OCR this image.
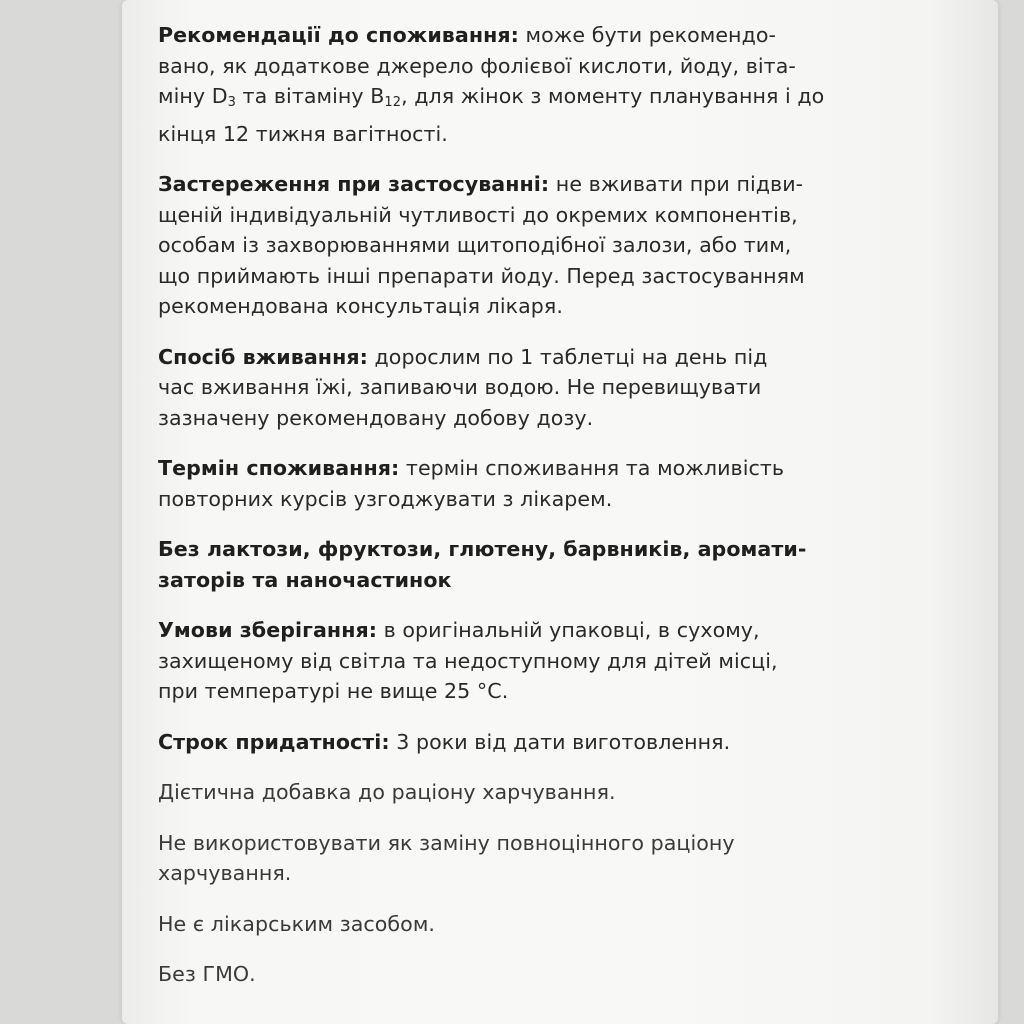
Рекомендації до споживання: може бути рекомендо-
вано, як додаткове джерело фолієвої кислоти, йоду, віта-
міну $D_3$ та вітаміну $B_{12}$, для жінок з моменту планування і до
кінця 12 тижня вагітності.

Застереження при застосуванні: не вживати при підви-
щеній індивідуальній чутливості до окремих компонентів,
особам із захворюваннями щитоподібної залози, або тим,
що приймають інші препарати йоду. Перед застосуванням
рекомендована консультація лікаря.

Спосіб вживання: дорослим по 1 таблетці на день під
час вживання їжі, запиваючи водою. Не перевищувати
зазначену рекомендовану добову дозу.

Термін споживання: термін споживання та можливість
повторних курсів узгоджувати з лікарем.

Без лактози, фруктози, глютену, барвників, аромати-
заторів та наночастинок

Умови зберігання: в оригінальній упаковці, в сухому,
захищеному від світла та недоступному для дітей місці,
при температурі не вище 25 °С.

Строк придатності: 3 роки від дати виготовлення.

Дієтична добавка до раціону харчування.

Не використовувати як заміну повноцінного раціону
харчування.

Не є лікарським засобом.

Без ГМО.
